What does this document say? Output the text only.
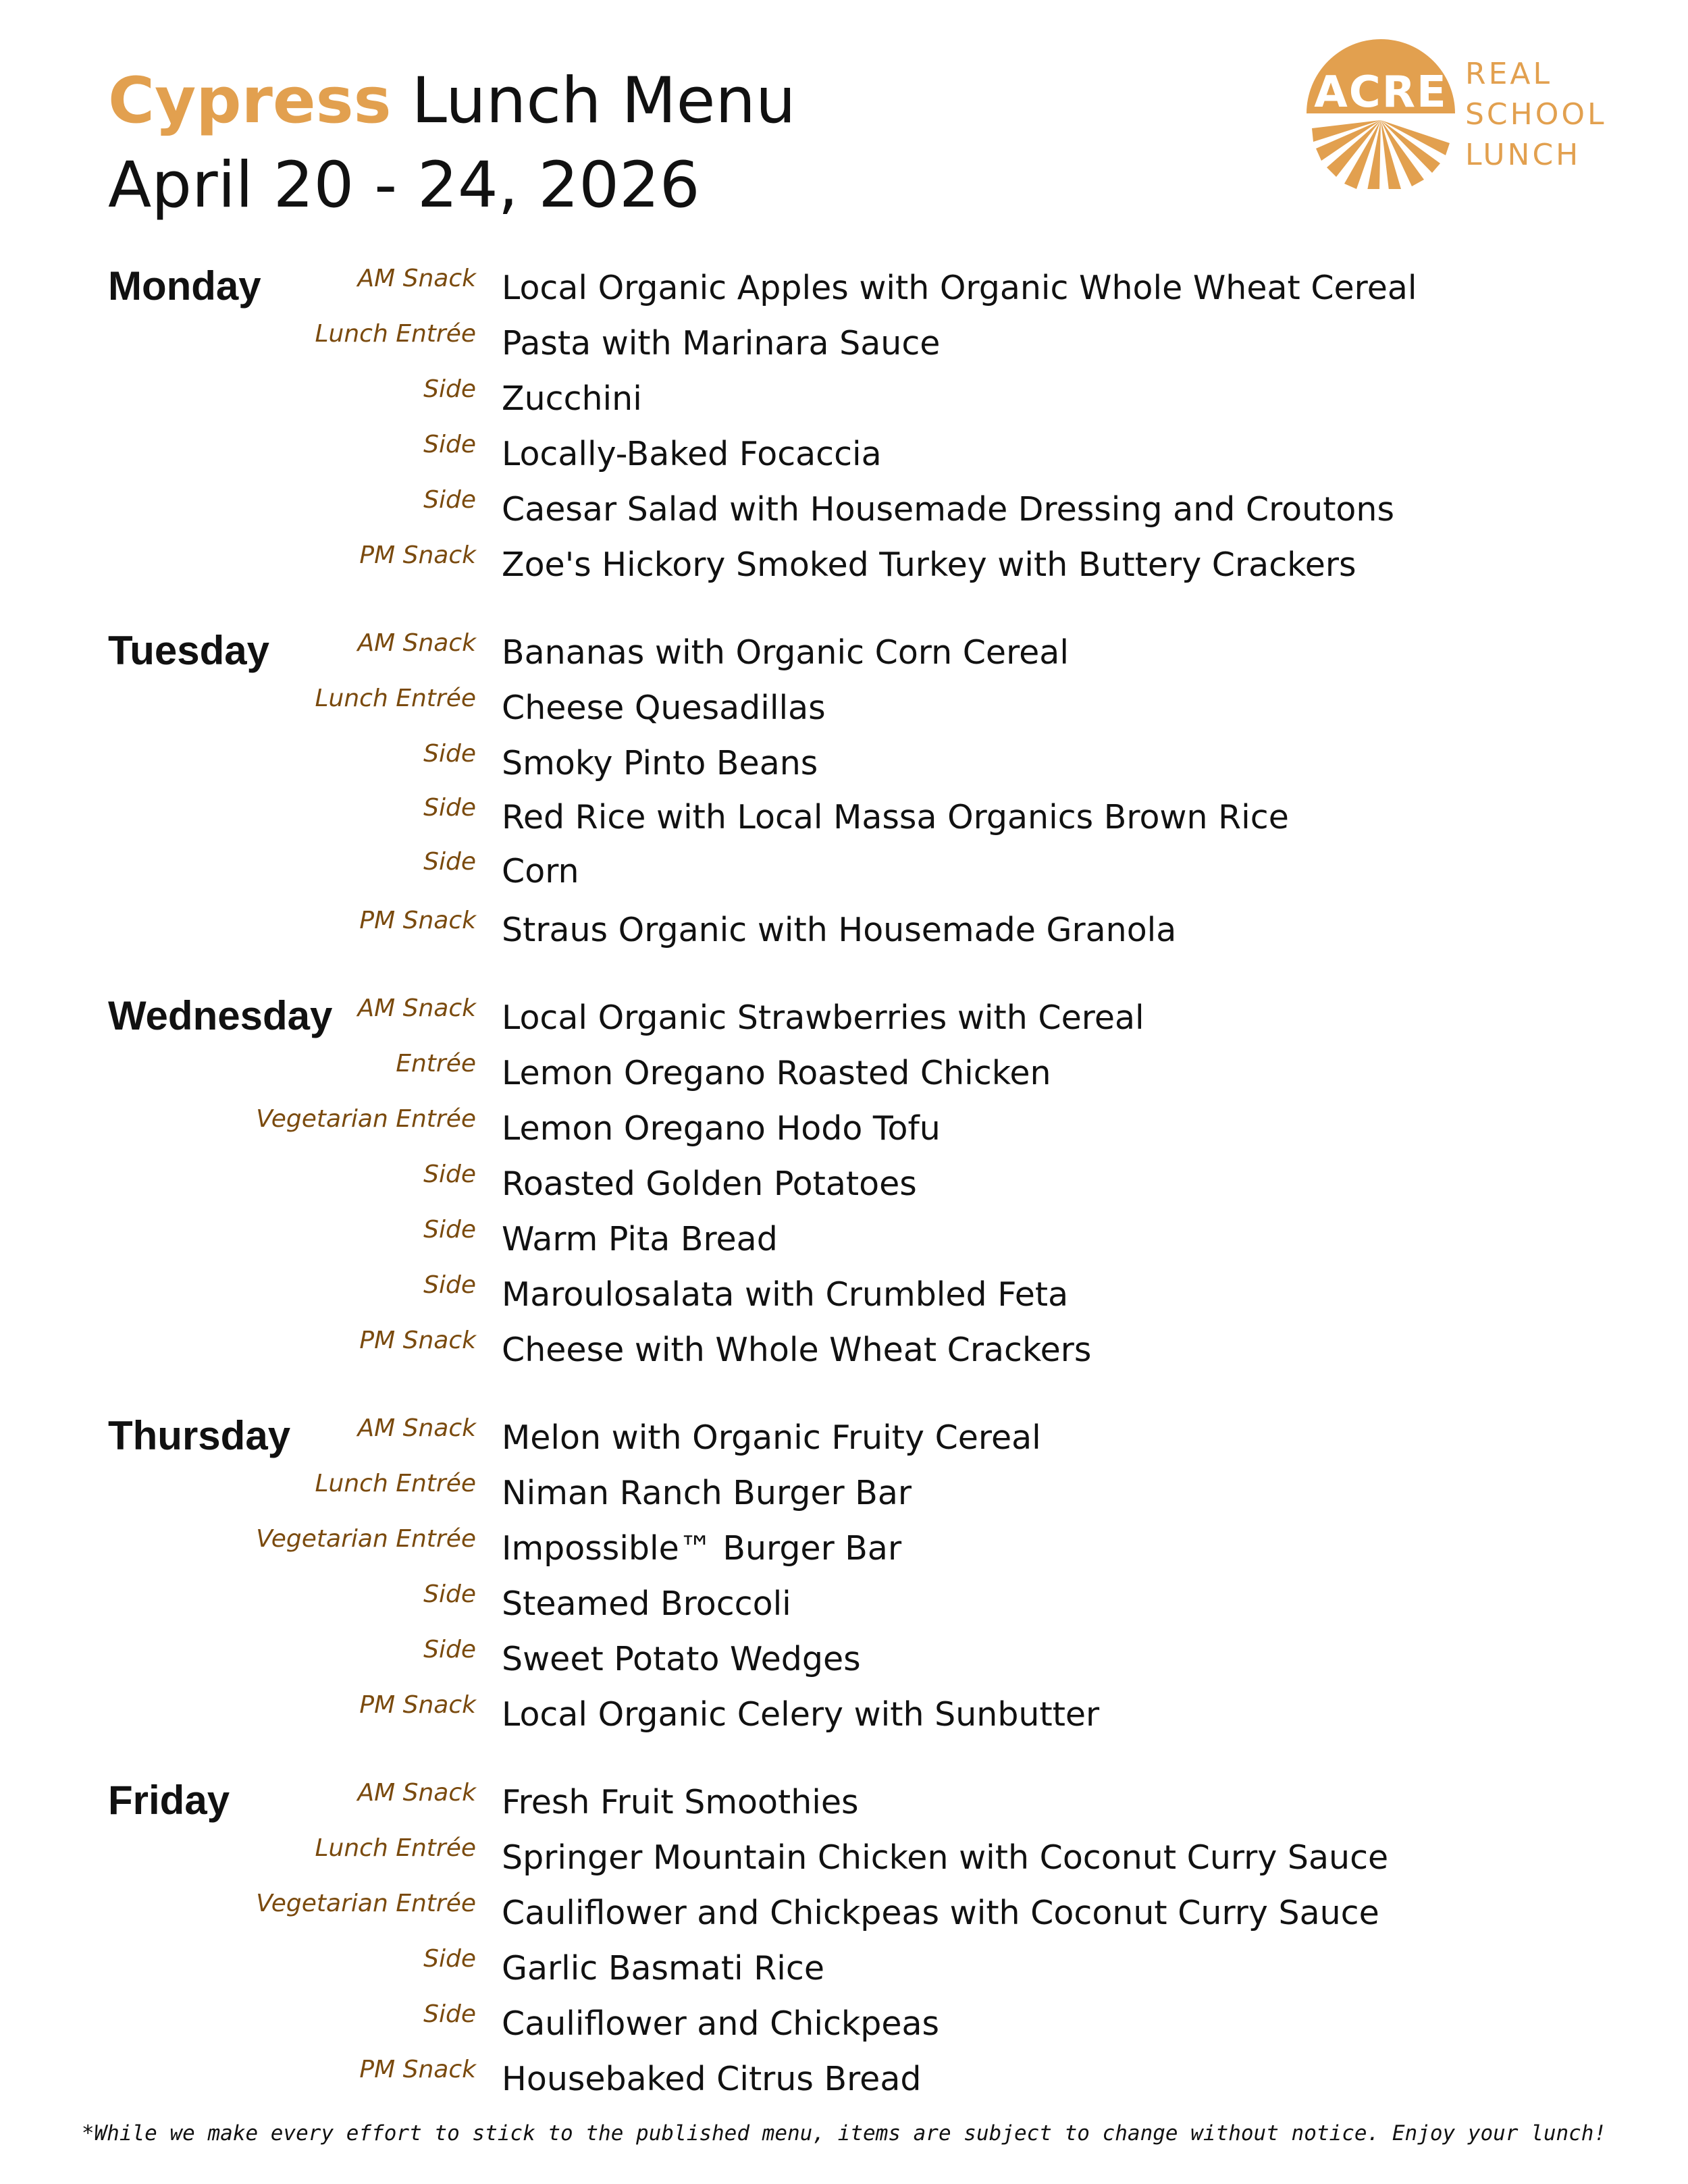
Cypress Lunch Menu
April 20 - 24, 2026
ACRE REAL
SCHOOL
LUNCH
Monday	AM Snack Local Organic Apples with Organic Whole Wheat Cereal
Lunch Entrée Pasta with Marinara Sauce
Side Zucchini
Side Locally-Baked Focaccia
Side Caesar Salad with Housemade Dressing and Croutons
PM Snack Zoe's Hickory Smoked Turkey with Buttery Crackers
Tuesday	AM Snack Bananas with Organic Corn Cereal
Lunch Entrée Cheese Quesadillas
Side Smoky Pinto Beans
Side Red Rice with Local Massa Organics Brown Rice
Side Corn
PM Snack Straus Organic with Housemade Granola
Wednesday AM Snack Local Organic Strawberries with Cereal
Entrée Lemon Oregano Roasted Chicken
Vegetarian Entrée Lemon Oregano Hodo Tofu
Side Roasted Golden Potatoes
Side Warm Pita Bread
Side Maroulosalata with Crumbled Feta
PM Snack Cheese with Whole Wheat Crackers
Thursday	AM Snack Melon with Organic Fruity Cereal
Lunch Entrée Niman Ranch Burger Bar
Vegetarian Entrée Impossible™ Burger Bar
Side Steamed Broccoli
Side Sweet Potato Wedges
PM Snack Local Organic Celery with Sunbutter
Friday	AM Snack Fresh Fruit Smoothies
Lunch Entrée Springer Mountain Chicken with Coconut Curry Sauce
Vegetarian Entrée Cauliflower and Chickpeas with Coconut Curry Sauce
Side Garlic Basmati Rice
Side Cauliflower and Chickpeas
PM Snack Housebaked Citrus Bread
*While we make every effort to stick to the published menu, items are subject to change without notice. Enjoy your lunch!
